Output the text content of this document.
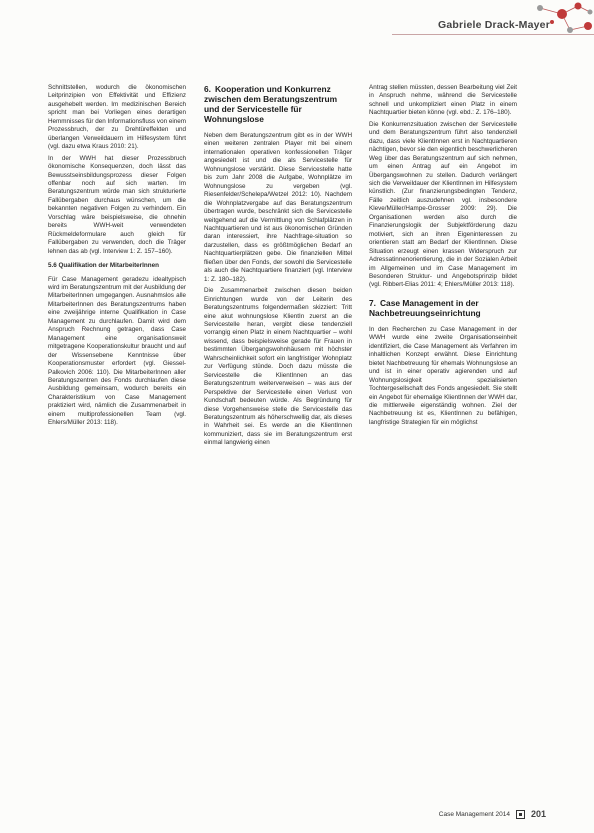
Gabriele Drack-Mayer

Schnittstellen, wodurch die ökonomischen Leitprinzipien von Effektivität und Effizienz ausgehebelt werden. Im medizinischen Bereich spricht man bei Vorliegen eines derartigen Hemmnisses für den Informationsfluss von einem Prozessbruch, der zu Drehtüreffekten und überlangen Verweildauern im Hilfesystem führt (vgl. dazu etwa Kraus 2010: 21).

In der WWH hat dieser Prozessbruch ökonomische Konsequenzen, doch lässt das Bewusstseinsbildungsprozess dieser Folgen offenbar noch auf sich warten. Im Beratungszentrum würde man sich strukturierte Fallübergaben durchaus wünschen, um die bekannten negativen Folgen zu verhindern. Ein Vorschlag wäre beispielsweise, die ohnehin bereits WWH-weit verwendeten Rückmeldeformulare auch gleich für Fallübergaben zu verwenden, doch die Träger lehnen das ab (vgl. Interview 1: Z. 157–160).

5.6 Qualifikation der MitarbeiterInnen

Für Case Management geradezu idealtypisch wird im Beratungszentrum mit der Ausbildung der MitarbeiterInnen umgegangen. Ausnahmslos alle MitarbeiterInnen des Beratungszentrums haben eine zweijährige interne Qualifikation in Case Management zu durchlaufen. Damit wird dem Anspruch Rechnung getragen, dass Case Management eine organisationsweit mitgetragene Kooperationskultur braucht und auf der Wissensebene Kenntnisse über Kooperationsmuster erfordert (vgl. Giessel-Palkovich 2006: 110). Die MitarbeiterInnen aller Beratungszentren des Fonds durchlaufen diese Ausbildung gemeinsam, wodurch bereits ein Charakteristikum von Case Management praktiziert wird, nämlich die Zusammenarbeit in einem multiprofessionellen Team (vgl. Ehlers/Müller 2013: 118).

6. Kooperation und Konkurrenz zwischen dem Beratungszentrum und der Servicestelle für Wohnungslose

Neben dem Beratungszentrum gibt es in der WWH einen weiteren zentralen Player mit bei einem internationalen operativen konfessionellen Träger angesiedelt ist und die als Servicestelle für Wohnungslose verstärkt. Diese Servicestelle hatte bis zum Jahr 2008 die Aufgabe, Wohnplätze im Wohnungslose zu vergeben (vgl. Riesenfelder/Schelepa/Wetzel 2012: 10). Nachdem die Wohnplatzvergabe auf das Beratungszentrum übertragen wurde, beschränkt sich die Servicestelle weitgehend auf die Vermittlung von Schlafplätzen in Nachtquartieren und ist aus ökonomischen Gründen daran interessiert, ihre Nachfrage-situation so darzustellen, dass es größtmöglichen Bedarf an Nachtquartierplätzen gebe. Die finanziellen Mittel fließen über den Fonds, der sowohl die Servicestelle als auch die Nachtquartiere finanziert (vgl. Interview 1: Z. 180–182).

Die Zusammenarbeit zwischen diesen beiden Einrichtungen wurde von der Leiterin des Beratungszentrums folgendermaßen skizziert: Tritt eine akut wohnungslose KlientIn zuerst an die Servicestelle heran, vergibt diese tendenziell vorrangig einen Platz in einem Nachtquartier – wohl wissend, dass beispielsweise gerade für Frauen in bestimmten Übergangswohnhäusern mit höchster Wahrscheinlichkeit sofort ein langfristiger Wohnplatz zur Verfügung stünde. Doch dazu müsste die Servicestelle die KlientInnen an das Beratungszentrum weiterverweisen – was aus der Perspektive der Servicestelle einen Verlust von Kundschaft bedeuten würde. Als Begründung für diese Vorgehensweise stelle die Servicestelle das Beratungszentrum als höherschwellig dar, als dieses in Wahrheit sei. Es werde an die KlientInnen kommuniziert, dass sie im Beratungszentrum erst einmal langwierig einen

Antrag stellen müssten, dessen Bearbeitung viel Zeit in Anspruch nehme, während die Servicestelle schnell und unkompliziert einen Platz in einem Nachtquartier bieten könne (vgl. ebd.: Z. 176–180).

Die Konkurrenzsituation zwischen der Servicestelle und dem Beratungszentrum führt also tendenziell dazu, dass viele KlientInnen erst in Nachtquartieren nächtigen, bevor sie den eigentlich beschwerlicheren Weg über das Beratungszentrum auf sich nehmen, um einen Antrag auf ein Angebot im Übergangswohnen zu stellen. Dadurch verlängert sich die Verweildauer der KlientInnen im Hilfesystem künstlich. (Zur finanzierungsbedingten Tendenz, Fälle zeitlich auszudehnen vgl. insbesondere Kleve/Müller/Hampe-Grosser 2009: 29). Die Organisationen werden also durch die Finanzierungslogik der Subjektförderung dazu motiviert, sich an ihren Eigeninteressen zu orientieren statt am Bedarf der KlientInnen. Diese Situation erzeugt einen krassen Widerspruch zur Adressatinnenorientierung, die in der Sozialen Arbeit im Allgemeinen und im Case Management im Besonderen Struktur- und Angebotsprinzip bildet (vgl. Ribbert-Elias 2011: 4; Ehlers/Müller 2013: 118).

7. Case Management in der Nachbetreuungseinrichtung

In den Recherchen zu Case Management in der WWH wurde eine zweite Organisationseinheit identifiziert, die Case Management als Verfahren im inhaltlichen Konzept erwähnt. Diese Einrichtung bietet Nachbetreuung für ehemals Wohnungslose an und ist in einer operativ agierenden und auf Wohnungslosigkeit spezialisierten Tochtergesellschaft des Fonds angesiedelt. Sie stellt ein Angebot für ehemalige KlientInnen der WWH dar, die mittlerweile eigenständig wohnen. Ziel der Nachbetreuung ist es, KlientInnen zu befähigen, langfristige Strategien für ein möglichst

Case Management 2014 201
